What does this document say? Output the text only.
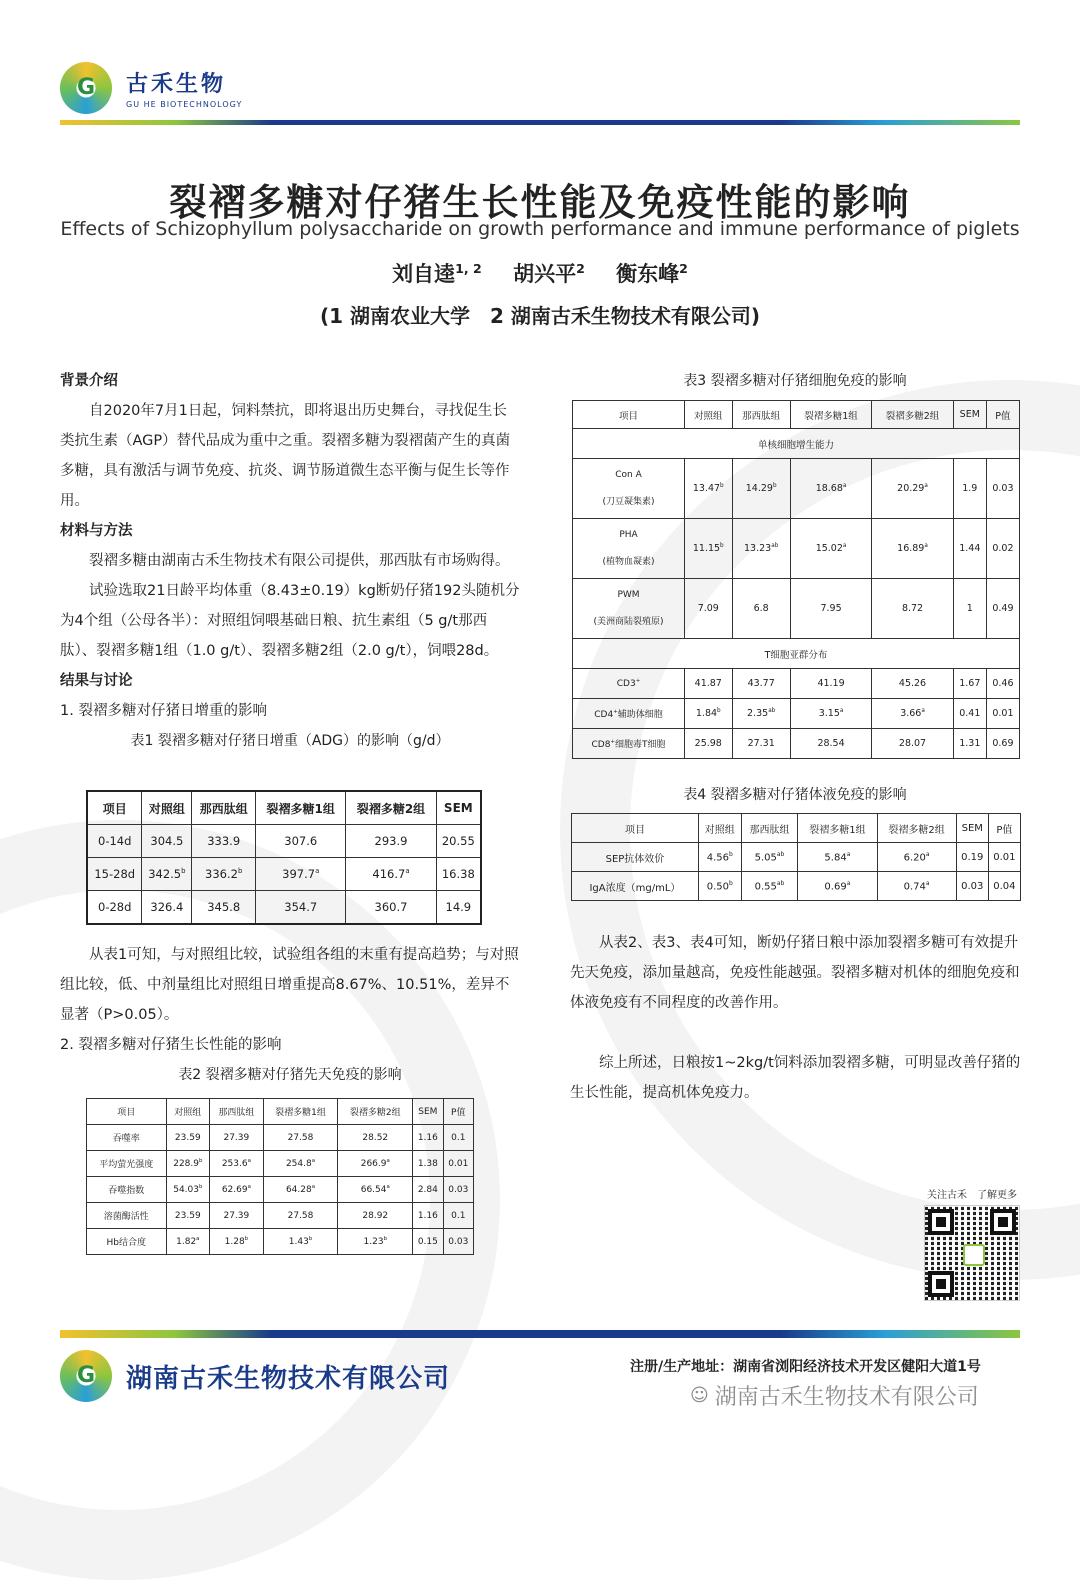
G
古禾生物
GU HE BIOTECHNOLOGY
裂褶多糖对仔猪生长性能及免疫性能的影响
Effects of Schizophyllum polysaccharide on growth performance and immune performance of piglets
刘自逵$^{1, 2}$ 胡兴平$^2$ 衡东峰$^2$
(1 湖南农业大学　2 湖南古禾生物技术有限公司)
背景介绍

自2020年7月1日起，饲料禁抗，即将退出历史舞台，寻找促生长类抗生素（AGP）替代品成为重中之重。裂褶多糖为裂褶菌产生的真菌多糖，具有激活与调节免疫、抗炎、调节肠道微生态平衡与促生长等作用。

材料与方法

裂褶多糖由湖南古禾生物技术有限公司提供，那西肽有市场购得。

试验选取21日龄平均体重（8.43±0.19）kg断奶仔猪192头随机分为4个组（公母各半）：对照组饲喂基础日粮、抗生素组（5 g/t那西肽）、裂褶多糖1组（1.0 g/t）、裂褶多糖2组（2.0 g/t），饲喂28d。

结果与讨论
1. 裂褶多糖对仔猪日增重的影响
表1 裂褶多糖对仔猪日增重（ADG）的影响（g/d）
项目	对照组	那西肽组	裂褶多糖1组	裂褶多糖2组	SEM
0-14d	304.5	333.9	307.6	293.9	20.55
15-28d	342.5$^b$	336.2$^b$	397.7$^a$	416.7$^a$	16.38
0-28d	326.4	345.8	354.7	360.7	14.9

从表1可知，与对照组比较，试验组各组的末重有提高趋势；与对照组比较，低、中剂量组比对照组日增重提高8.67%、10.51%，差异不显著（P>0.05）。

2. 裂褶多糖对仔猪生长性能的影响
表2 裂褶多糖对仔猪先天免疫的影响
项目	对照组	那西肽组	裂褶多糖1组	裂褶多糖2组	SEM	P值
吞噬率	23.59	27.39	27.58	28.52	1.16	0.1
平均萤光强度	228.9$^b$	253.6$^a$	254.8$^a$	266.9$^a$	1.38	0.01
吞噬指数	54.03$^b$	62.69$^a$	64.28$^a$	66.54$^a$	2.84	0.03
溶菌酶活性	23.59	27.39	27.58	28.92	1.16	0.1
Hb结合度	1.82$^a$	1.28$^b$	1.43$^b$	1.23$^b$	0.15	0.03
表3 裂褶多糖对仔猪细胞免疫的影响
项目	对照组	那西肽组	裂褶多糖1组	裂褶多糖2组	SEM	P值
单核细胞增生能力						

Con A
(刀豆凝集素)	13.47$^b$	14.29$^b$	18.68$^a$	20.29$^a$	1.9	0.03

PHA
(植物血凝素)	11.15$^b$	13.23$^{ab}$	15.02$^a$	16.89$^a$	1.44	0.02

PWM
(美洲商陆裂殖原)	7.09	6.8	7.95	8.72	1	0.49
T细胞亚群分布						
CD3+	41.87	43.77	41.19	45.26	1.67	0.46
CD4+辅助体细胞	1.84$^b$	2.35$^{ab}$	3.15$^a$	3.66$^a$	0.41	0.01
CD8+细胞毒T细胞	25.98	27.31	28.54	28.07	1.31	0.69
表4 裂褶多糖对仔猪体液免疫的影响
项目	对照组	那西肽组	裂褶多糖1组	裂褶多糖2组	SEM	P值
SEP抗体效价	4.56$^b$	5.05$^{ab}$	5.84$^a$	6.20$^a$	0.19	0.01
IgA浓度（mg/mL）	0.50$^b$	0.55$^{ab}$	0.69$^a$	0.74$^a$	0.03	0.04

从表2、表3、表4可知，断奶仔猪日粮中添加裂褶多糖可有效提升先天免疫，添加量越高，免疫性能越强。裂褶多糖对机体的细胞免疫和体液免疫有不同程度的改善作用。

综上所述，日粮按1~2kg/t饲料添加裂褶多糖，可明显改善仔猪的生长性能，提高机体免疫力。

关注古禾　了解更多
G
湖南古禾生物技术有限公司	注册/生产地址：湖南省浏阳经济技术开发区健阳大道1号
☺ 湖南古禾生物技术有限公司
